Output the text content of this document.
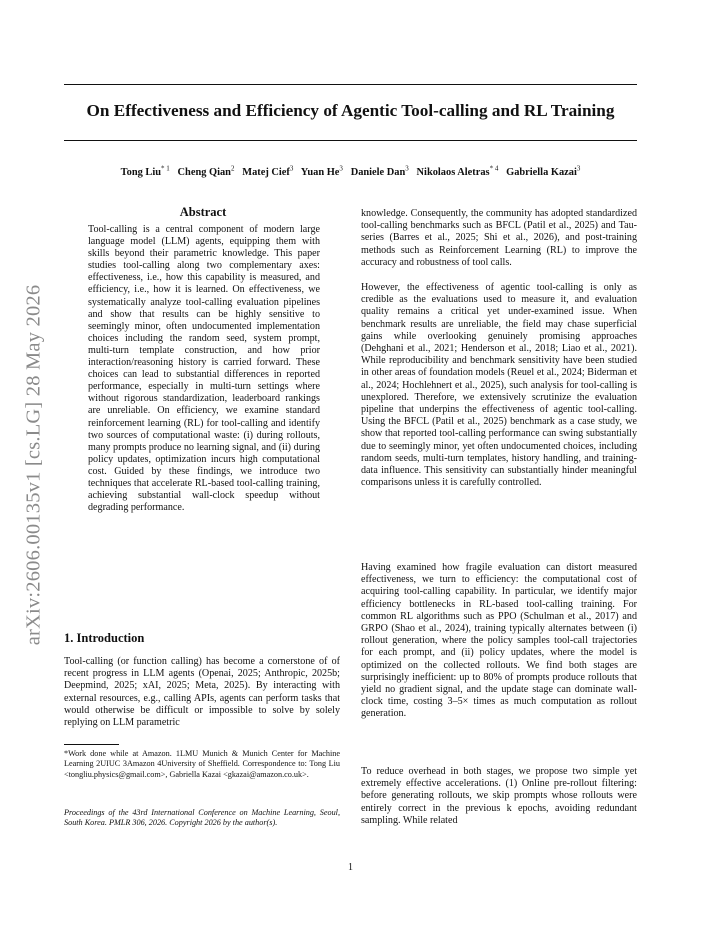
arXiv:2606.00135v1 [cs.LG] 28 May 2026
On Effectiveness and Efficiency of Agentic Tool-calling and RL Training
Tong Liu$^{* 1}$ Cheng Qian$^2$ Matej Cief$^3$ Yuan He$^3$ Daniele Dan$^3$ Nikolaos Aletras$^{* 4}$ Gabriella Kazai$^3$
Abstract

Tool-calling is a central component of modern large language model (LLM) agents, equipping them with skills beyond their parametric knowledge. This paper studies tool-calling along two complementary axes: effectiveness, i.e., how this capability is measured, and efficiency, i.e., how it is learned. On effectiveness, we systematically analyze tool-calling evaluation pipelines and show that results can be highly sensitive to seemingly minor, often undocumented implementation choices including the random seed, system prompt, multi-turn template construction, and how prior interaction/reasoning history is carried forward. These choices can lead to substantial differences in reported performance, especially in multi-turn settings where without rigorous standardization, leaderboard rankings are unreliable. On efficiency, we examine standard reinforcement learning (RL) for tool-calling and identify two sources of computational waste: (i) during rollouts, many prompts produce no learning signal, and (ii) during policy updates, optimization incurs high computational cost. Guided by these findings, we introduce two techniques that accelerate RL-based tool-calling training, achieving substantial wall-clock speedup without degrading performance.

1. Introduction

Tool-calling (or function calling) has become a cornerstone of of recent progress in LLM agents (Openai, 2025; Anthropic, 2025b; Deepmind, 2025; xAI, 2025; Meta, 2025). By interacting with external resources, e.g., calling APIs, agents can perform tasks that would otherwise be difficult or impossible to solve by solely replying on LLM parametric

*Work done while at Amazon. 1LMU Munich & Munich Center for Machine Learning 2UIUC 3Amazon 4University of Sheffield. Correspondence to: Tong Liu <tongliu.physics@gmail.com>, Gabriella Kazai <gkazai@amazon.co.uk>.

Proceedings of the 43rd International Conference on Machine Learning, Seoul, South Korea. PMLR 306, 2026. Copyright 2026 by the author(s).

knowledge. Consequently, the community has adopted standardized tool-calling benchmarks such as BFCL (Patil et al., 2025) and Tau-series (Barres et al., 2025; Shi et al., 2026), and post-training methods such as Reinforcement Learning (RL) to improve the accuracy and robustness of tool calls.

However, the effectiveness of agentic tool-calling is only as credible as the evaluations used to measure it, and evaluation quality remains a critical yet under-examined issue. When benchmark results are unreliable, the field may chase superficial gains while overlooking genuinely promising approaches (Dehghani et al., 2021; Henderson et al., 2018; Liao et al., 2021). While reproducibility and benchmark sensitivity have been studied in other areas of foundation models (Reuel et al., 2024; Biderman et al., 2024; Hochlehnert et al., 2025), such analysis for tool-calling is unexplored. Therefore, we extensively scrutinize the evaluation pipeline that underpins the effectiveness of agentic tool-calling. Using the BFCL (Patil et al., 2025) benchmark as a case study, we show that reported tool-calling performance can swing substantially due to seemingly minor, yet often undocumented choices, including random seeds, multi-turn templates, history handling, and training-data influence. This sensitivity can substantially hinder meaningful comparisons unless it is carefully controlled.

Having examined how fragile evaluation can distort measured effectiveness, we turn to efficiency: the computational cost of acquiring tool-calling capability. In particular, we identify major efficiency bottlenecks in RL-based tool-calling training. For common RL algorithms such as PPO (Schulman et al., 2017) and GRPO (Shao et al., 2024), training typically alternates between (i) rollout generation, where the policy samples tool-call trajectories for each prompt, and (ii) policy updates, where the model is optimized on the collected rollouts. We find both stages are surprisingly inefficient: up to 80% of prompts produce rollouts that yield no gradient signal, and the update stage can dominate wall-clock time, costing 3–5× times as much computation as rollout generation.

To reduce overhead in both stages, we propose two simple yet extremely effective accelerations. (1) Online pre-rollout filtering: before generating rollouts, we skip prompts whose rollouts were entirely correct in the previous k epochs, avoiding redundant sampling. While related

1
